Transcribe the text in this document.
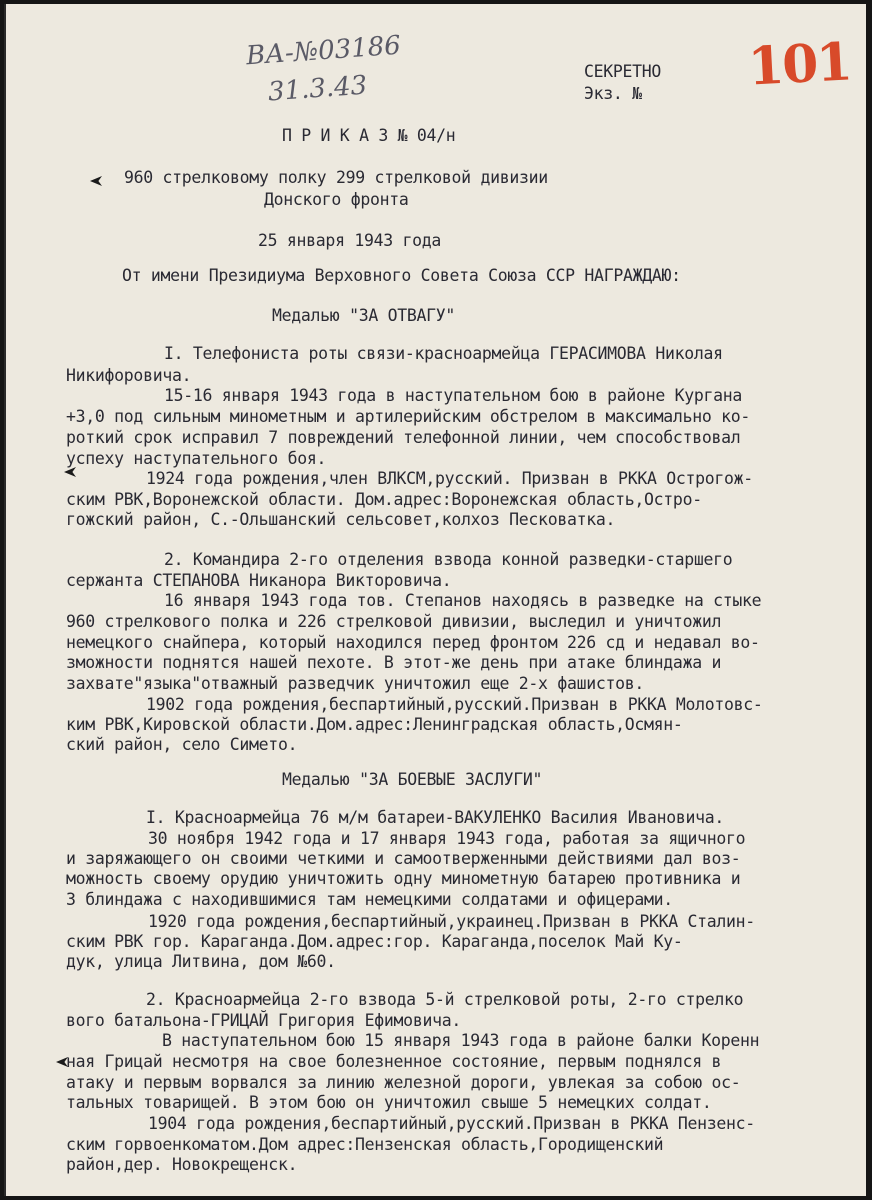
ВА-№03186
31.3.43	101
СЕКРЕТНО
Экз. №
П Р И К А З № 04/н
960 стрелковому полку 299 стрелковой дивизии
Донского фронта
25 января 1943 года
От имени Президиума Верховного Совета Союза ССР НАГРАЖДАЮ:
Медалью "ЗА ОТВАГУ"
I. Телефониста роты связи-красноармейца ГЕРАСИМОВА Николая
Никифоровича.
15-16 января 1943 года в наступательном бою в районе Кургана
+3,0 под сильным минометным и артилерийским обстрелом в максимально ко-
роткий срок исправил 7 повреждений телефонной линии, чем способствовал
успеху наступательного боя.
1924 года рождения,член ВЛКСМ,русский. Призван в РККА Острогож-
ским РВК,Воронежской области. Дом.адрес:Воронежская область,Остро-
гожский район, С.-Ольшанский сельсовет,колхоз Песковатка.
2. Командира 2-го отделения взвода конной разведки-старшего
сержанта СТЕПАНОВА Никанора Викторовича.
16 января 1943 года тов. Степанов находясь в разведке на стыке
960 стрелкового полка и 226 стрелковой дивизии, выследил и уничтожил
немецкого снайпера, который находился перед фронтом 226 сд и недавал во-
зможности поднятся нашей пехоте. В этот-же день при атаке блиндажа и
захвате"языка"отважный разведчик уничтожил еще 2-х фашистов.
1902 года рождения,беспартийный,русский.Призван в РККА Молотовс-
ким РВК,Кировской области.Дом.адрес:Ленинградская область,Осмян-
ский район, село Симето.
Медалью "ЗА БОЕВЫЕ ЗАСЛУГИ"
I. Красноармейца 76 м/м батареи-ВАКУЛЕНКО Василия Ивановича.
30 ноября 1942 года и 17 января 1943 года, работая за ящичного
и заряжающего он своими четкими и самоотверженными действиями дал воз-
можность своему орудию уничтожить одну минометную батарею противника и
3 блиндажа с находившимися там немецкими солдатами и офицерами.
1920 года рождения,беспартийный,украинец.Призван в РККА Сталин-
ским РВК гор. Караганда.Дом.адрес:гор. Караганда,поселок Май Ку-
дук, улица Литвина, дом №60.
2. Красноармейца 2-го взвода 5-й стрелковой роты, 2-го стрелко
вого батальона-ГРИЦАЙ Григория Ефимовича.
В наступательном бою 15 января 1943 года в районе балки Коренн
ная Грицай несмотря на свое болезненное состояние, первым поднялся в
атаку и первым ворвался за линию железной дороги, увлекая за собою ос-
тальных товарищей. В этом бою он уничтожил свыше 5 немецких солдат.
1904 года рождения,беспартийный,русский.Призван в РККА Пензенс-
ским горвоенкоматом.Дом адрес:Пензенская область,Городищенский
район,дер. Новокрещенск.
